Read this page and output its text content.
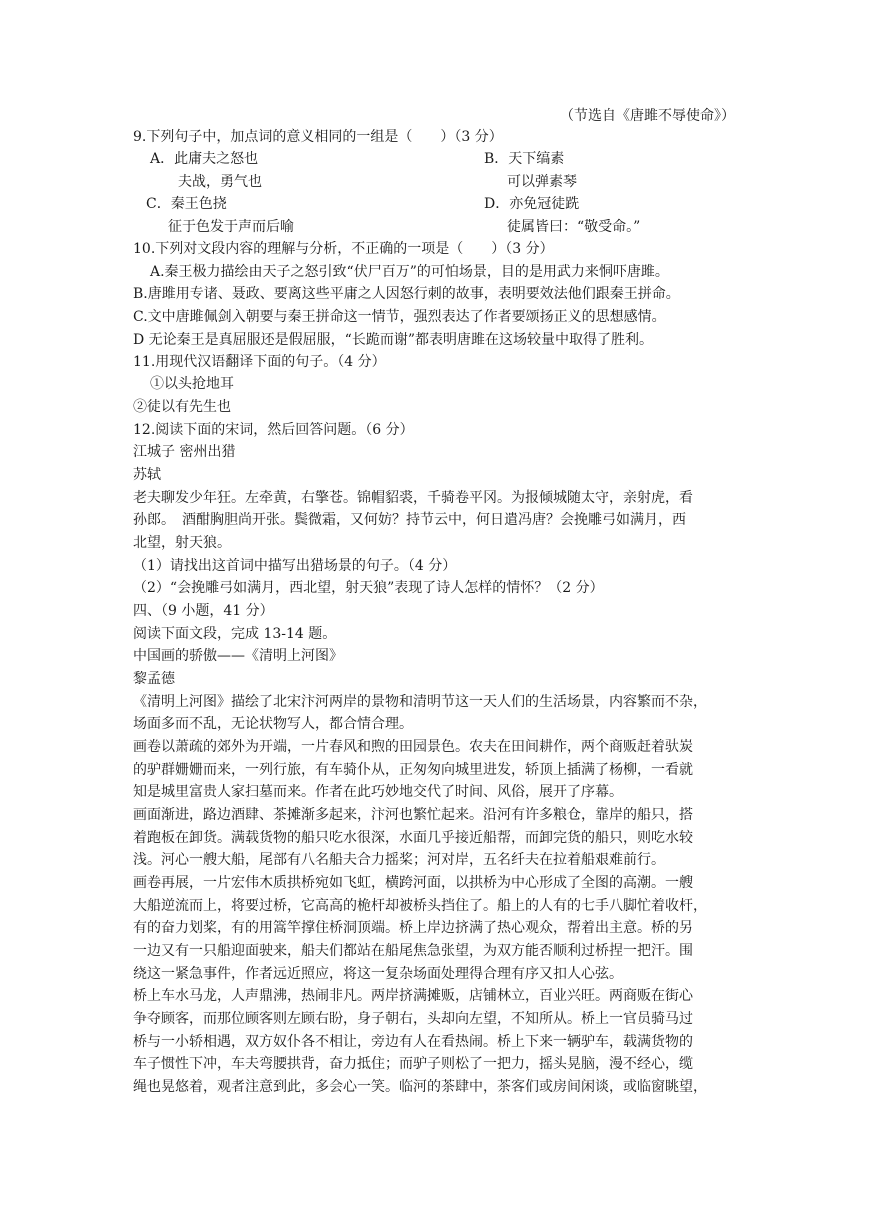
（节选自《唐雎不辱使命》）
9.下列句子中，加点词的意义相同的一组是（　　）（3 分）
A．此庸夫之怒也	B．天下缟素
夫战，勇气也	可以弹素琴
C．秦王色挠	D．亦免冠徒跣
征于色发于声而后喻	徒属皆曰：“敬受命。”
10.下列对文段内容的理解与分析，不正确的一项是（　　）（3 分）
A.秦王极力描绘由天子之怒引致“伏尸百万”的可怕场景，目的是用武力来恫吓唐雎。
B.唐雎用专诸、聂政、要离这些平庸之人因怒行刺的故事，表明要效法他们跟秦王拼命。
C.文中唐雎佩剑入朝要与秦王拼命这一情节，强烈表达了作者要颂扬正义的思想感情。
D 无论秦王是真屈服还是假屈服，“长跪而谢”都表明唐雎在这场较量中取得了胜利。
11.用现代汉语翻译下面的句子。（4 分）
①以头抢地耳
②徒以有先生也
12.阅读下面的宋词，然后回答问题。（6 分）
江城子 密州出猎
苏轼
老夫聊发少年狂。左牵黄，右擎苍。锦帽貂裘，千骑卷平冈。为报倾城随太守，亲射虎，看
孙郎。　酒酣胸胆尚开张。鬓微霜，又何妨？持节云中，何日遣冯唐？会挽雕弓如满月，西
北望，射天狼。
（1）请找出这首词中描写出猎场景的句子。（4 分）
（2）“会挽雕弓如满月，西北望，射天狼”表现了诗人怎样的情怀？（2 分）
四、（9 小题，41 分）
阅读下面文段，完成 13-14 题。
中国画的骄傲——《清明上河图》
黎孟德
《清明上河图》描绘了北宋汴河两岸的景物和清明节这一天人们的生活场景，内容繁而不杂，
场面多而不乱，无论状物写人，都合情合理。
画卷以萧疏的郊外为开端，一片春风和煦的田园景色。农夫在田间耕作，两个商贩赶着驮炭
的驴群姗姗而来，一列行旅，有车骑仆从，正匆匆向城里进发，轿顶上插满了杨柳，一看就
知是城里富贵人家扫墓而来。作者在此巧妙地交代了时间、风俗，展开了序幕。
画面渐进，路边酒肆、茶摊渐多起来，汴河也繁忙起来。沿河有许多粮仓，靠岸的船只，搭
着跑板在卸货。满载货物的船只吃水很深，水面几乎接近船帮，而卸完货的船只，则吃水较
浅。河心一艘大船，尾部有八名船夫合力摇桨；河对岸，五名纤夫在拉着船艰难前行。
画卷再展，一片宏伟木质拱桥宛如飞虹，横跨河面，以拱桥为中心形成了全图的高潮。一艘
大船逆流而上，将要过桥，它高高的桅杆却被桥头挡住了。船上的人有的七手八脚忙着收杆，
有的奋力划桨，有的用篙竿撑住桥洞顶端。桥上岸边挤满了热心观众，帮着出主意。桥的另
一边又有一只船迎面驶来，船夫们都站在船尾焦急张望，为双方能否顺利过桥捏一把汗。围
绕这一紧急事件，作者远近照应，将这一复杂场面处理得合理有序又扣人心弦。
桥上车水马龙，人声鼎沸，热闹非凡。两岸挤满摊贩，店铺林立，百业兴旺。两商贩在街心
争夺顾客，而那位顾客则左顾右盼，身子朝右，头却向左望，不知所从。桥上一官员骑马过
桥与一小轿相遇，双方奴仆各不相让，旁边有人在看热闹。桥上下来一辆驴车，载满货物的
车子惯性下冲，车夫弯腰拱背，奋力抵住；而驴子则松了一把力，摇头晃脑，漫不经心，缆
绳也晃悠着，观者注意到此，多会心一笑。临河的茶肆中，茶客们或房间闲谈，或临窗眺望，
